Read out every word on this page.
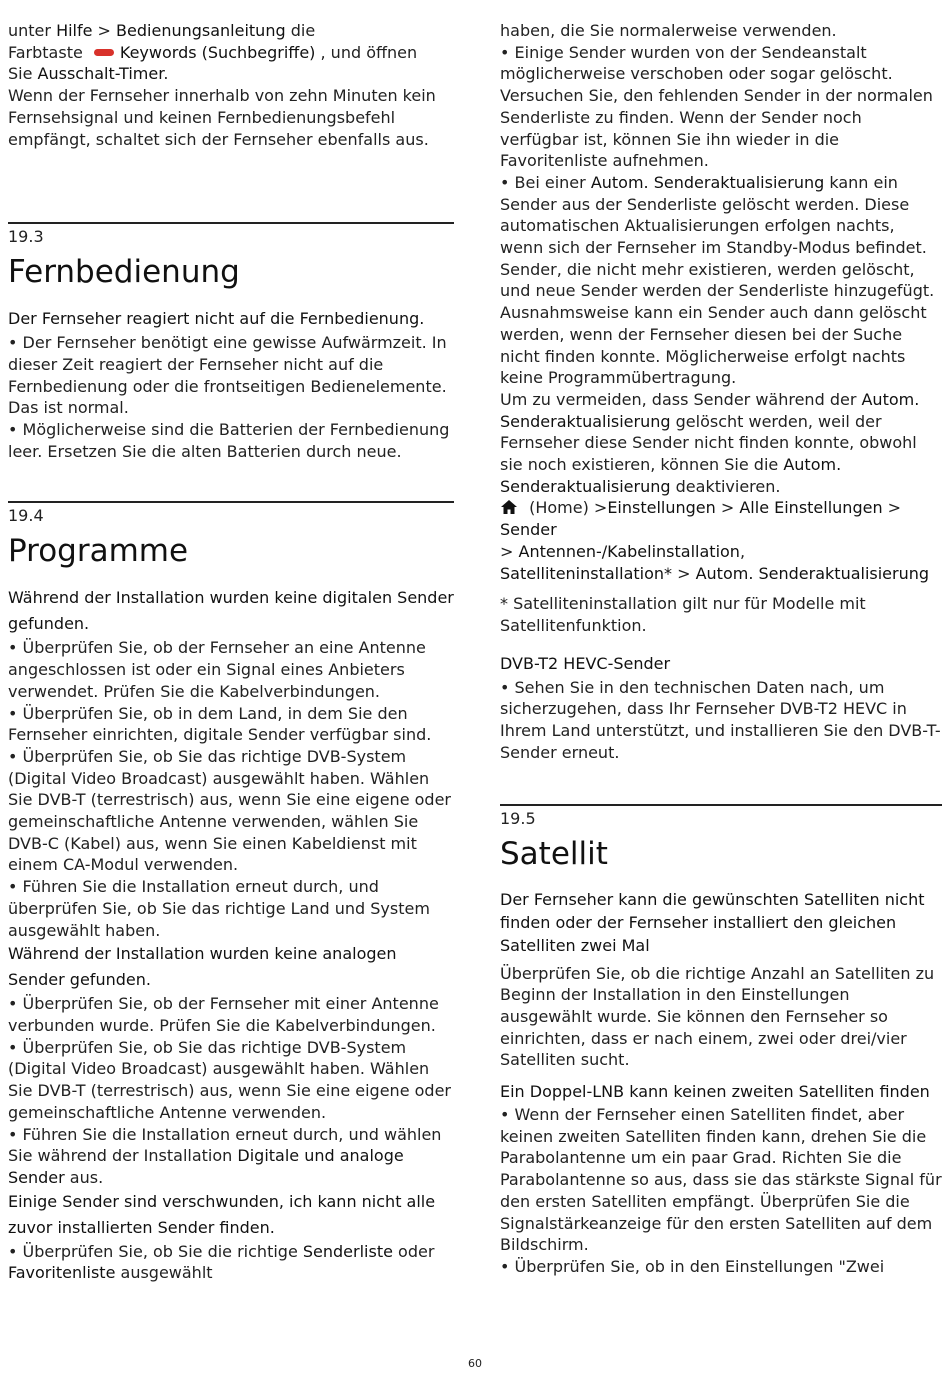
unter Hilfe > Bedienungsanleitung die
Farbtaste Keywords (Suchbegriffe) , und öffnen
Sie Ausschalt-Timer.

Wenn der Fernseher innerhalb von zehn Minuten kein Fernsehsignal und keinen Fernbedienungsbefehl empfängt, schaltet sich der Fernseher ebenfalls aus.

19.3
Fernbedienung

Der Fernseher reagiert nicht auf die Fernbedienung.

• Der Fernseher benötigt eine gewisse Aufwärmzeit. In dieser Zeit reagiert der Fernseher nicht auf die Fernbedienung oder die frontseitigen Bedienelemente. Das ist normal.

• Möglicherweise sind die Batterien der Fernbedienung leer. Ersetzen Sie die alten Batterien durch neue.

19.4
Programme

Während der Installation wurden keine digitalen Sender gefunden.

• Überprüfen Sie, ob der Fernseher an eine Antenne angeschlossen ist oder ein Signal eines Anbieters verwendet. Prüfen Sie die Kabelverbindungen.

• Überprüfen Sie, ob in dem Land, in dem Sie den Fernseher einrichten, digitale Sender verfügbar sind.

• Überprüfen Sie, ob Sie das richtige DVB-System (Digital Video Broadcast) ausgewählt haben. Wählen Sie DVB-T (terrestrisch) aus, wenn Sie eine eigene oder gemeinschaftliche Antenne verwenden, wählen Sie DVB-C (Kabel) aus, wenn Sie einen Kabeldienst mit einem CA-Modul verwenden.

• Führen Sie die Installation erneut durch, und überprüfen Sie, ob Sie das richtige Land und System ausgewählt haben.

Während der Installation wurden keine analogen Sender gefunden.

• Überprüfen Sie, ob der Fernseher mit einer Antenne verbunden wurde. Prüfen Sie die Kabelverbindungen.

• Überprüfen Sie, ob Sie das richtige DVB-System (Digital Video Broadcast) ausgewählt haben. Wählen Sie DVB-T (terrestrisch) aus, wenn Sie eine eigene oder gemeinschaftliche Antenne verwenden.

• Führen Sie die Installation erneut durch, und wählen Sie während der Installation Digitale und analoge Sender aus.

Einige Sender sind verschwunden, ich kann nicht alle zuvor installierten Sender finden.

• Überprüfen Sie, ob Sie die richtige Senderliste oder Favoritenliste ausgewählt

haben, die Sie normalerweise verwenden.

• Einige Sender wurden von der Sendeanstalt möglicherweise verschoben oder sogar gelöscht. Versuchen Sie, den fehlenden Sender in der normalen Senderliste zu finden. Wenn der Sender noch verfügbar ist, können Sie ihn wieder in die Favoritenliste aufnehmen.

• Bei einer Autom. Senderaktualisierung kann ein Sender aus der Senderliste gelöscht werden. Diese automatischen Aktualisierungen erfolgen nachts, wenn sich der Fernseher im Standby-Modus befindet. Sender, die nicht mehr existieren, werden gelöscht, und neue Sender werden der Senderliste hinzugefügt. Ausnahmsweise kann ein Sender auch dann gelöscht werden, wenn der Fernseher diesen bei der Suche nicht finden konnte. Möglicherweise erfolgt nachts keine Programmübertragung.

Um zu vermeiden, dass Sender während der Autom. Senderaktualisierung gelöscht werden, weil der Fernseher diese Sender nicht finden konnte, obwohl sie noch existieren, können Sie die Autom. Senderaktualisierung deaktivieren.

(Home) >Einstellungen > Alle Einstellungen > Sender
> Antennen-/Kabelinstallation,
Satelliteninstallation* > Autom. Senderaktualisierung

* Satelliteninstallation gilt nur für Modelle mit Satellitenfunktion.

DVB-T2 HEVC-Sender

• Sehen Sie in den technischen Daten nach, um sicherzugehen, dass Ihr Fernseher DVB-T2 HEVC in Ihrem Land unterstützt, und installieren Sie den DVB-T-Sender erneut.

19.5
Satellit

Der Fernseher kann die gewünschten Satelliten nicht finden oder der Fernseher installiert den gleichen Satelliten zwei Mal

Überprüfen Sie, ob die richtige Anzahl an Satelliten zu Beginn der Installation in den Einstellungen ausgewählt wurde. Sie können den Fernseher so einrichten, dass er nach einem, zwei oder drei/vier Satelliten sucht.

Ein Doppel-LNB kann keinen zweiten Satelliten finden

• Wenn der Fernseher einen Satelliten findet, aber keinen zweiten Satelliten finden kann, drehen Sie die Parabolantenne um ein paar Grad. Richten Sie die Parabolantenne so aus, dass sie das stärkste Signal für den ersten Satelliten empfängt. Überprüfen Sie die Signalstärkeanzeige für den ersten Satelliten auf dem Bildschirm.

• Überprüfen Sie, ob in den Einstellungen "Zwei

60
